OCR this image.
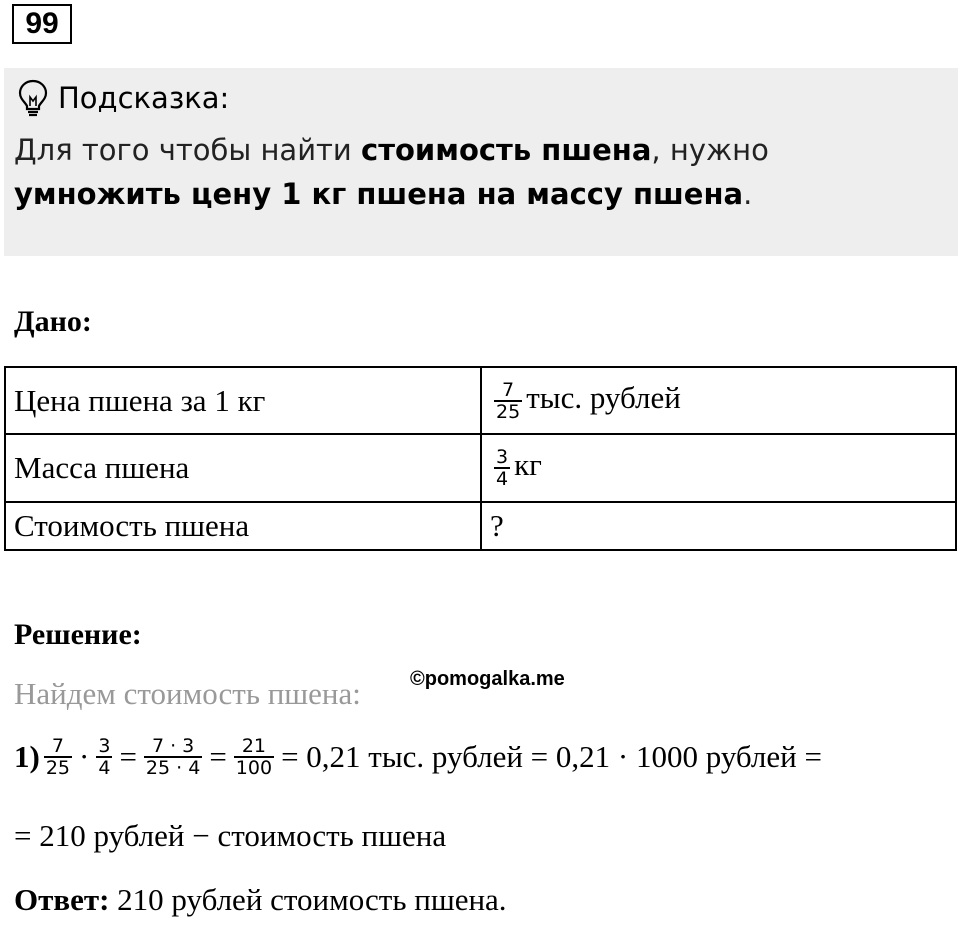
99
Подсказка:
Для того чтобы найти стоимость пшена, нужно умножить цену 1 кг пшена на массу пшена.
Дано:
Цена пшена за 1 кг	$\frac{7}{25}$ тыс. рублей
Масса пшена	$\frac{3}{4}$ кг
Стоимость пшена	?
Решение:
Найдем стоимость пшена: ©pomogalka.me
$1) \frac{7}{25} \cdot \frac{3}{4} = \frac{7 \cdot 3}{25 \cdot 4} = \frac{21}{100} = 0,21$ тыс. рублей = 0,21 · 1000 рублей =
= 210 рублей − стоимость пшена
Ответ: 210 рублей стоимость пшена.
